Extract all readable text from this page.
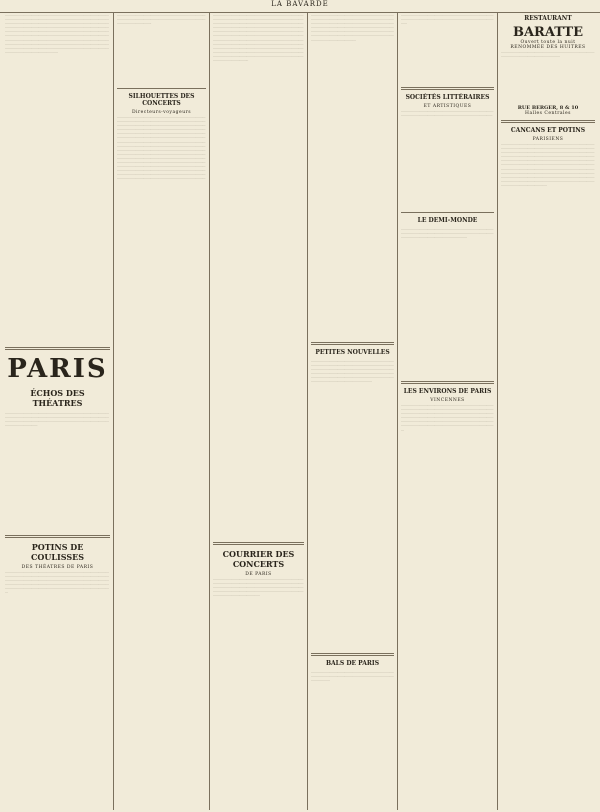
LA BAVARDE
················································································································································································································································································································································································································································································································································································································································································································································································································································································································································································································································
PARIS
ÉCHOS DES THÉATRES
·······························································································································································································································································································································································
POTINS DE COULISSES
DES THÉATRES DE PARIS
·····················································································································································································································································································································································································································································································································································
·······················································································································································································································
SILHOUETTES DES CONCERTS
Directeurs-voyageurs
································································································································································································································································································································································································································································································································································································································································································································································································································································································································································································································································································································································································································································································································································································································································································
························································································································································································································································································································································································································································································································································································································································································································································································································································································································································································································································································
COURRIER DES CONCERTS
DE PARIS
································································································································································································································································································································································································································
······································································································································································································································································································································································································································································································································································
PETITES NOUVELLES
··································································································································································································································································································································································································································································································
BALS DE PARIS
···························································································································································································
··································································································································································································
SOCIÉTÉS LITTÉRAIRES
ET ARTISTIQUES
···························································································································································································
LE DEMI-MONDE
·······························································································································································································································································
LES ENVIRONS DE PARIS
VINCENNES
·······················································································································································································································································································································································································································································································································································································
RESTAURANT
BARATTE
Ouvert toute la nuit
RENOMMÉE DES HUITRES
···························································································································································
RUE BERGER, 8 & 10
Halles Centrales
CANCANS ET POTINS
PARISIENS
·····································································································································································································································································································································································································································································································································································································································································································································································································································································································································································································································
